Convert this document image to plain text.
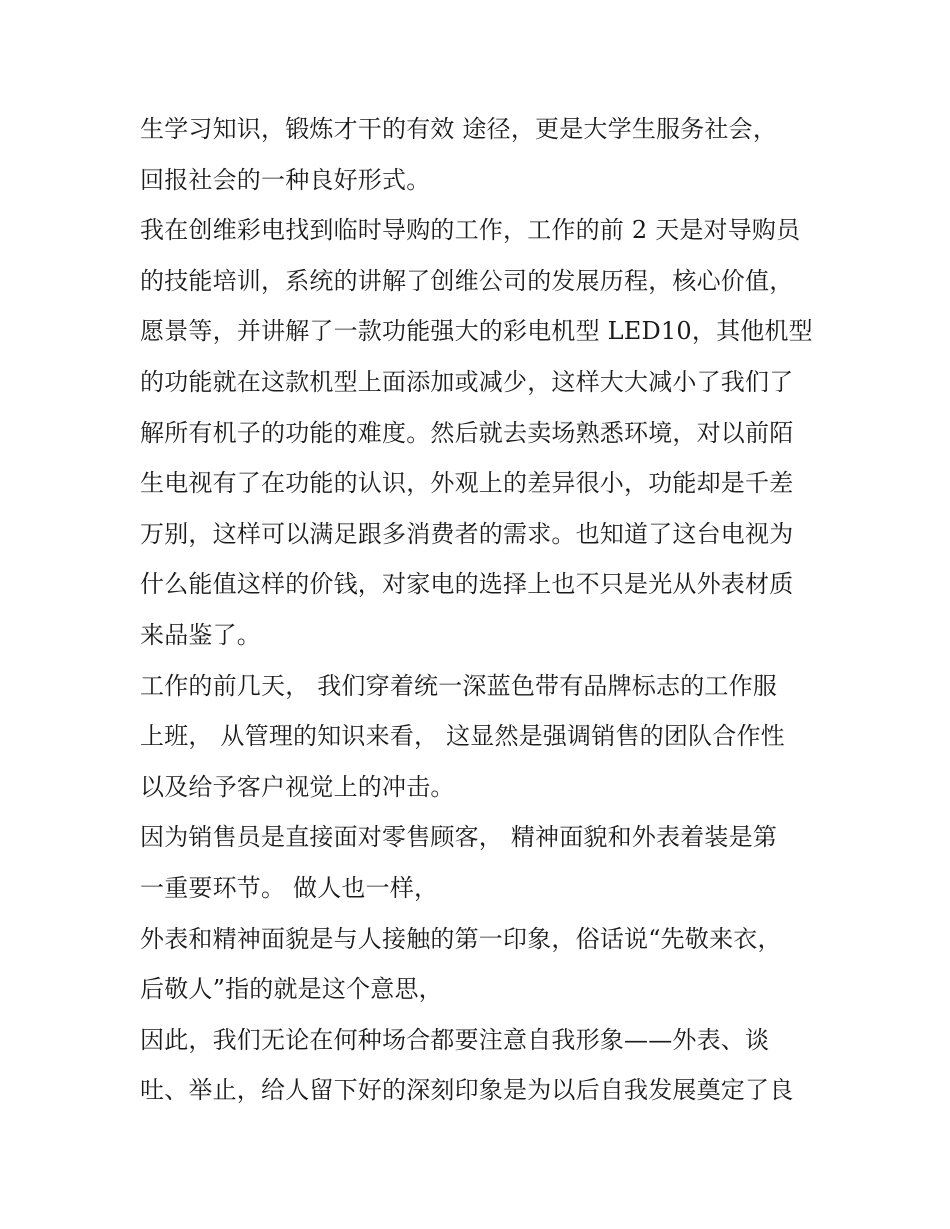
生学习知识，锻炼才干的有效 途径，更是大学生服务社会，
回报社会的一种良好形式。
我在创维彩电找到临时导购的工作，工作的前 2 天是对导购员
的技能培训，系统的讲解了创维公司的发展历程，核心价值，
愿景等，并讲解了一款功能强大的彩电机型 LED10，其他机型
的功能就在这款机型上面添加或减少，这样大大减小了我们了
解所有机子的功能的难度。然后就去卖场熟悉环境，对以前陌
生电视有了在功能的认识，外观上的差异很小，功能却是千差
万别，这样可以满足跟多消费者的需求。也知道了这台电视为
什么能值这样的价钱，对家电的选择上也不只是光从外表材质
来品鉴了。
工作的前几天， 我们穿着统一深蓝色带有品牌标志的工作服
上班， 从管理的知识来看， 这显然是强调销售的团队合作性
以及给予客户视觉上的冲击。
因为销售员是直接面对零售顾客， 精神面貌和外表着装是第
一重要环节。 做人也一样，
外表和精神面貌是与人接触的第一印象，俗话说“先敬来衣，
后敬人”指的就是这个意思，
因此，我们无论在何种场合都要注意自我形象——外表、谈
吐、举止，给人留下好的深刻印象是为以后自我发展奠定了良
